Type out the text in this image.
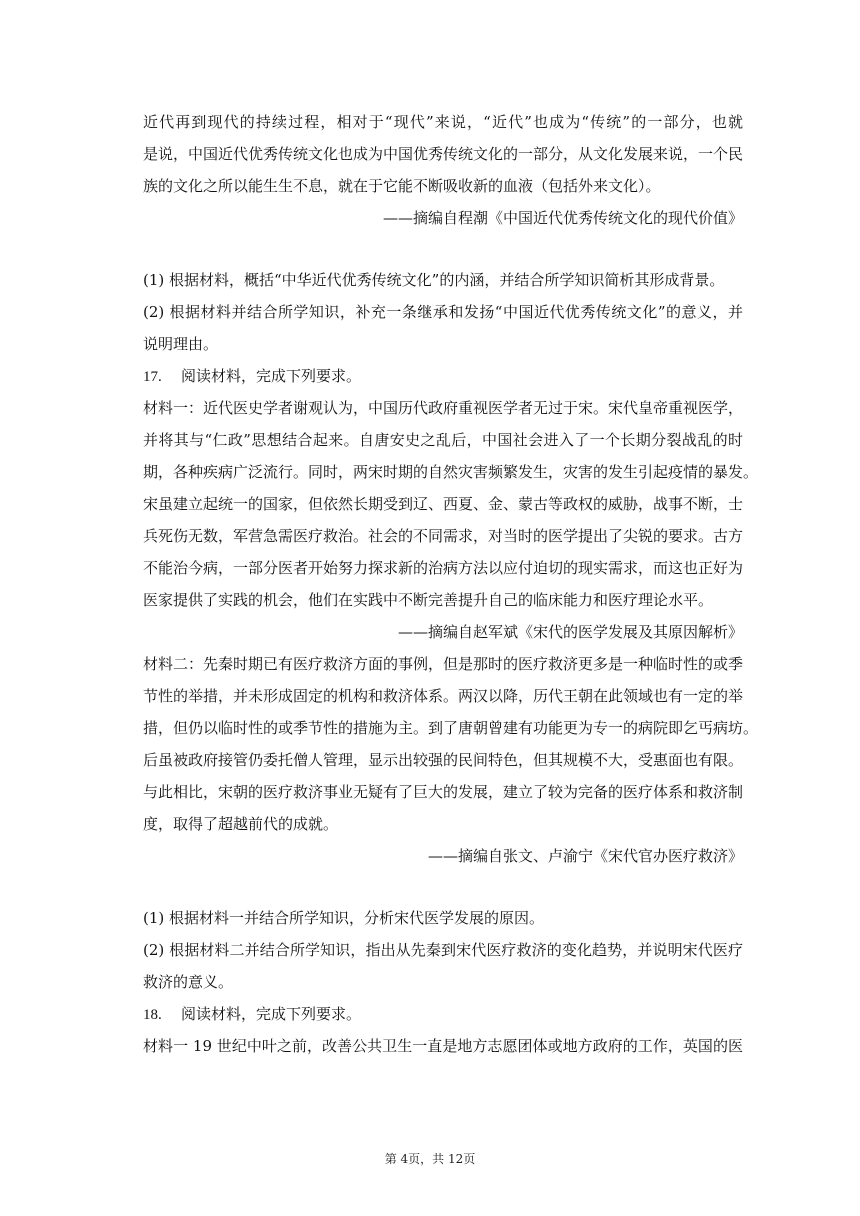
近代再到现代的持续过程，相对于“现代”来说，“近代”也成为“传统”的一部分，也就
是说，中国近代优秀传统文化也成为中国优秀传统文化的一部分，从文化发展来说，一个民
族的文化之所以能生生不息，就在于它能不断吸收新的血液（包括外来文化）。
——摘编自程潮《中国近代优秀传统文化的现代价值》
(1) 根据材料，概括“中华近代优秀传统文化”的内涵，并结合所学知识简析其形成背景。
(2) 根据材料并结合所学知识，补充一条继承和发扬“中国近代优秀传统文化”的意义，并
说明理由。
17. 阅读材料，完成下列要求。
材料一：近代医史学者谢观认为，中国历代政府重视医学者无过于宋。宋代皇帝重视医学，
并将其与“仁政”思想结合起来。自唐安史之乱后，中国社会进入了一个长期分裂战乱的时
期，各种疾病广泛流行。同时，两宋时期的自然灾害频繁发生，灾害的发生引起疫情的暴发。
宋虽建立起统一的国家，但依然长期受到辽、西夏、金、蒙古等政权的威胁，战事不断，士
兵死伤无数，军营急需医疗救治。社会的不同需求，对当时的医学提出了尖锐的要求。古方
不能治今病，一部分医者开始努力探求新的治病方法以应付迫切的现实需求，而这也正好为
医家提供了实践的机会，他们在实践中不断完善提升自己的临床能力和医疗理论水平。
——摘编自赵军斌《宋代的医学发展及其原因解析》
材料二：先秦时期已有医疗救济方面的事例，但是那时的医疗救济更多是一种临时性的或季
节性的举措，并未形成固定的机构和救济体系。两汉以降，历代王朝在此领域也有一定的举
措，但仍以临时性的或季节性的措施为主。到了唐朝曾建有功能更为专一的病院即乞丐病坊。
后虽被政府接管仍委托僧人管理，显示出较强的民间特色，但其规模不大，受惠面也有限。
与此相比，宋朝的医疗救济事业无疑有了巨大的发展，建立了较为完备的医疗体系和救济制
度，取得了超越前代的成就。
——摘编自张文、卢渝宁《宋代官办医疗救济》
(1) 根据材料一并结合所学知识，分析宋代医学发展的原因。
(2) 根据材料二并结合所学知识，指出从先秦到宋代医疗救济的变化趋势，并说明宋代医疗
救济的意义。
18. 阅读材料，完成下列要求。
材料一 19 世纪中叶之前，改善公共卫生一直是地方志愿团体或地方政府的工作，英国的医
第 4页，共 12页
